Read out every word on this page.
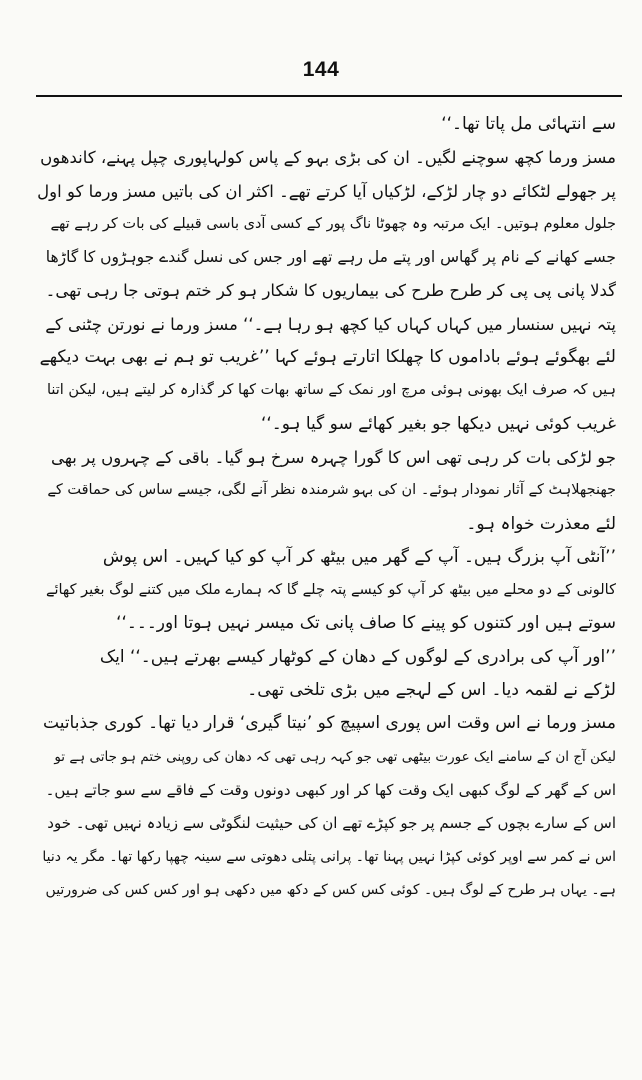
144
سے انتہائی مل پاتا تھا۔‘‘
مسز ورما کچھ سوچنے لگیں۔ ان کی بڑی بہو کے پاس کولہاپوری چپل پہنے، کاندھوں
پر جھولے لٹکائے دو چار لڑکے، لڑکیاں آیا کرتے تھے۔ اکثر ان کی باتیں مسز ورما کو اول
جلول معلوم ہوتیں۔ ایک مرتبہ وہ چھوٹا ناگ پور کے کسی آدی باسی قبیلے کی بات کر رہے تھے
جسے کھانے کے نام پر گھاس اور پتے مل رہے تھے اور جس کی نسل گندے جوہڑوں کا گاڑھا
گدلا پانی پی پی کر طرح طرح کی بیماریوں کا شکار ہو کر ختم ہوتی جا رہی تھی۔
پتہ نہیں سنسار میں کہاں کہاں کیا کچھ ہو رہا ہے۔‘‘ مسز ورما نے نورتن چٹنی کے
لئے بھگوئے ہوئے باداموں کا چھلکا اتارتے ہوئے کہا ’’غریب تو ہم نے بھی بہت دیکھے
ہیں کہ صرف ایک بھونی ہوئی مرچ اور نمک کے ساتھ بھات کھا کر گذارہ کر لیتے ہیں، لیکن اتنا
غریب کوئی نہیں دیکھا جو بغیر کھائے سو گیا ہو۔‘‘
جو لڑکی بات کر رہی تھی اس کا گورا چہرہ سرخ ہو گیا۔ باقی کے چہروں پر بھی
جھنجھلاہٹ کے آثار نمودار ہوئے۔ ان کی بہو شرمندہ نظر آنے لگی، جیسے ساس کی حماقت کے
لئے معذرت خواہ ہو۔
’’آنٹی آپ بزرگ ہیں۔ آپ کے گھر میں بیٹھ کر آپ کو کیا کہیں۔ اس پوش
کالونی کے دو محلے میں بیٹھ کر آپ کو کیسے پتہ چلے گا کہ ہمارے ملک میں کتنے لوگ بغیر کھائے
سوتے ہیں اور کتنوں کو پینے کا صاف پانی تک میسر نہیں ہوتا اور۔۔۔‘‘
’’اور آپ کی برادری کے لوگوں کے دھان کے کوٹھار کیسے بھرتے ہیں۔‘‘ ایک
لڑکے نے لقمہ دیا۔ اس کے لہجے میں بڑی تلخی تھی۔
مسز ورما نے اس وقت اس پوری اسپیچ کو ’نیتا گیری‘ قرار دیا تھا۔ کوری جذباتیت
لیکن آج ان کے سامنے ایک عورت بیٹھی تھی جو کہہ رہی تھی کہ دھان کی روپنی ختم ہو جاتی ہے تو
اس کے گھر کے لوگ کبھی ایک وقت کھا کر اور کبھی دونوں وقت کے فاقے سے سو جاتے ہیں۔
اس کے سارے بچوں کے جسم پر جو کپڑے تھے ان کی حیثیت لنگوٹی سے زیادہ نہیں تھی۔ خود
اس نے کمر سے اوپر کوئی کپڑا نہیں پہنا تھا۔ پرانی پتلی دھوتی سے سینہ چھپا رکھا تھا۔ مگر یہ دنیا
ہے۔ یہاں ہر طرح کے لوگ ہیں۔ کوئی کس کس کے دکھ میں دکھی ہو اور کس کس کی ضرورتیں
